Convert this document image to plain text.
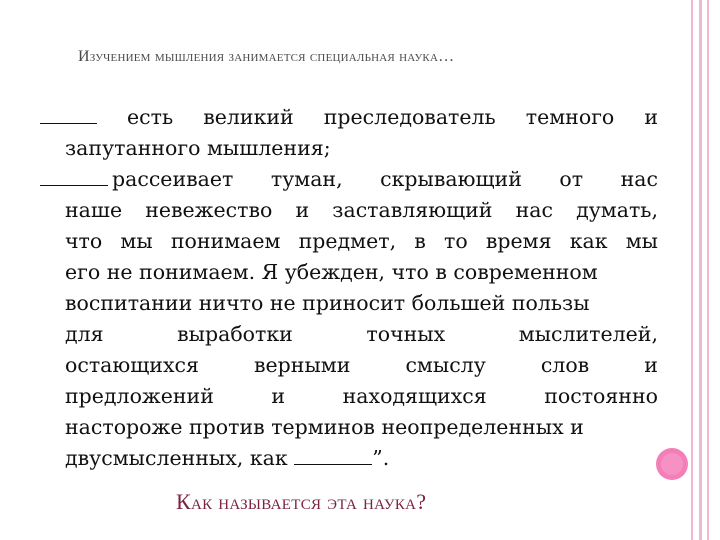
Изучением мышления занимается специальная наука…
есть великий преследователь темного и
запутанного мышления;
рассеивает туман, скрывающий от нас
наше невежество и заставляющий нас думать,
что мы понимаем предмет, в то время как мы
его не понимаем. Я убежден, что в современном
воспитании ничто не приносит большей пользы
для	выработки	точных	мыслителей,
остающихся	верными	смыслу	слов	и
предложений	и	находящихся	постоянно
настороже против терминов неопределенных и
двусмысленных, как	”.
Как называется эта наука?
